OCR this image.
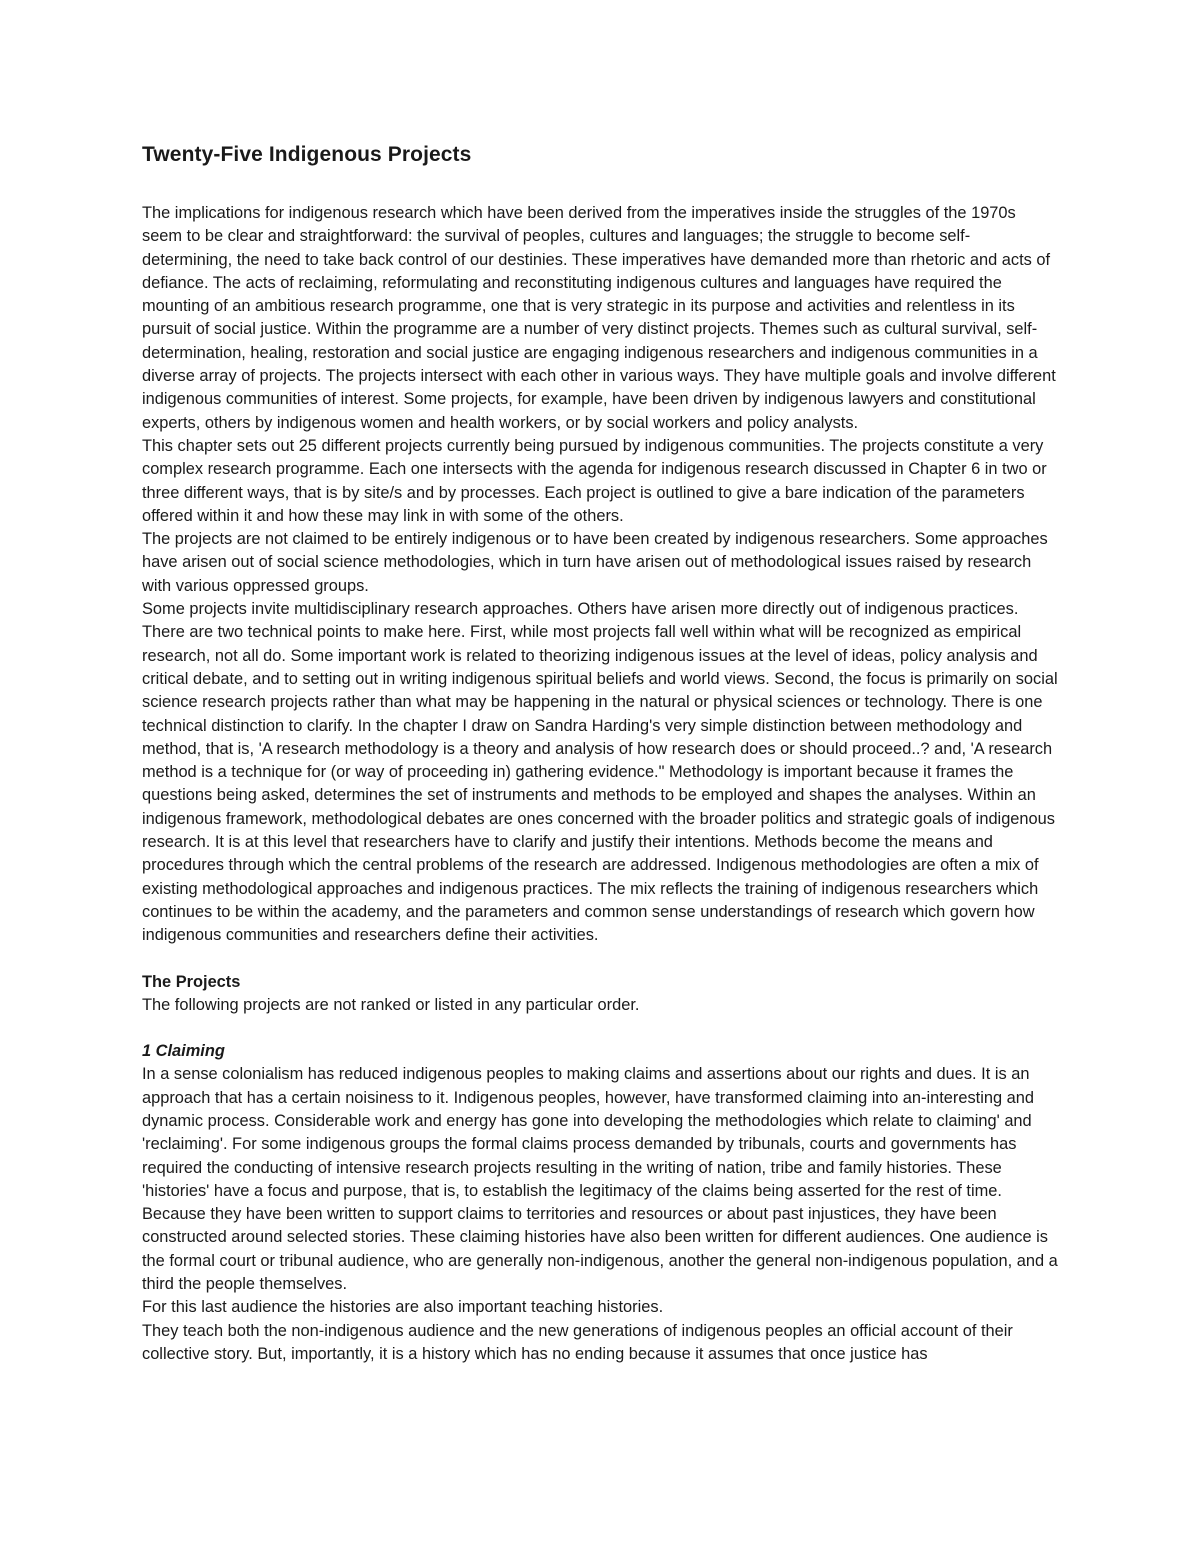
Twenty-Five Indigenous Projects

The implications for indigenous research which have been derived from the imperatives inside the struggles of the 1970s seem to be clear and straightforward: the survival of peoples, cultures and languages; the struggle to become self-determining, the need to take back control of our destinies. These imperatives have demanded more than rhetoric and acts of defiance. The acts of reclaiming, reformulating and reconstituting indigenous cultures and languages have required the mounting of an ambitious research programme, one that is very strategic in its purpose and activities and relentless in its pursuit of social justice. Within the programme are a number of very distinct projects. Themes such as cultural survival, self-determination, healing, restoration and social justice are engaging indigenous researchers and indigenous communities in a diverse array of projects. The projects intersect with each other in various ways. They have multiple goals and involve different indigenous communities of interest. Some projects, for example, have been driven by indigenous lawyers and constitutional experts, others by indigenous women and health workers, or by social workers and policy analysts.

This chapter sets out 25 different projects currently being pursued by indigenous communities. The projects constitute a very complex research programme. Each one intersects with the agenda for indigenous research discussed in Chapter 6 in two or three different ways, that is by site/s and by processes. Each project is outlined to give a bare indication of the parameters offered within it and how these may link in with some of the others.

The projects are not claimed to be entirely indigenous or to have been created by indigenous researchers. Some approaches have arisen out of social science methodologies, which in turn have arisen out of methodological issues raised by research with various oppressed groups.

Some projects invite multidisciplinary research approaches. Others have arisen more directly out of indigenous practices. There are two technical points to make here. First, while most projects fall well within what will be recognized as empirical research, not all do. Some important work is related to theorizing indigenous issues at the level of ideas, policy analysis and critical debate, and to setting out in writing indigenous spiritual beliefs and world views. Second, the focus is primarily on social science research projects rather than what may be happening in the natural or physical sciences or technology. There is one technical distinction to clarify. In the chapter I draw on Sandra Harding's very simple distinction between methodology and method, that is, 'A research methodology is a theory and analysis of how research does or should proceed..? and, 'A research method is a technique for (or way of proceeding in) gathering evidence." Methodology is important because it frames the questions being asked, determines the set of instruments and methods to be employed and shapes the analyses. Within an indigenous framework, methodological debates are ones concerned with the broader politics and strategic goals of indigenous research. It is at this level that researchers have to clarify and justify their intentions. Methods become the means and procedures through which the central problems of the research are addressed. Indigenous methodologies are often a mix of existing methodological approaches and indigenous practices. The mix reflects the training of indigenous researchers which continues to be within the academy, and the parameters and common sense understandings of research which govern how indigenous communities and researchers define their activities.

The Projects

The following projects are not ranked or listed in any particular order.

1 Claiming

In a sense colonialism has reduced indigenous peoples to making claims and assertions about our rights and dues. It is an approach that has a certain noisiness to it. Indigenous peoples, however, have transformed claiming into an-interesting and dynamic process. Considerable work and energy has gone into developing the methodologies which relate to claiming' and 'reclaiming'. For some indigenous groups the formal claims process demanded by tribunals, courts and governments has required the conducting of intensive research projects resulting in the writing of nation, tribe and family histories. These 'histories' have a focus and purpose, that is, to establish the legitimacy of the claims being asserted for the rest of time. Because they have been written to support claims to territories and resources or about past injustices, they have been constructed around selected stories. These claiming histories have also been written for different audiences. One audience is the formal court or tribunal audience, who are generally non-indigenous, another the general non-indigenous population, and a third the people themselves.

For this last audience the histories are also important teaching histories.

They teach both the non-indigenous audience and the new generations of indigenous peoples an official account of their collective story. But, importantly, it is a history which has no ending because it assumes that once justice has
